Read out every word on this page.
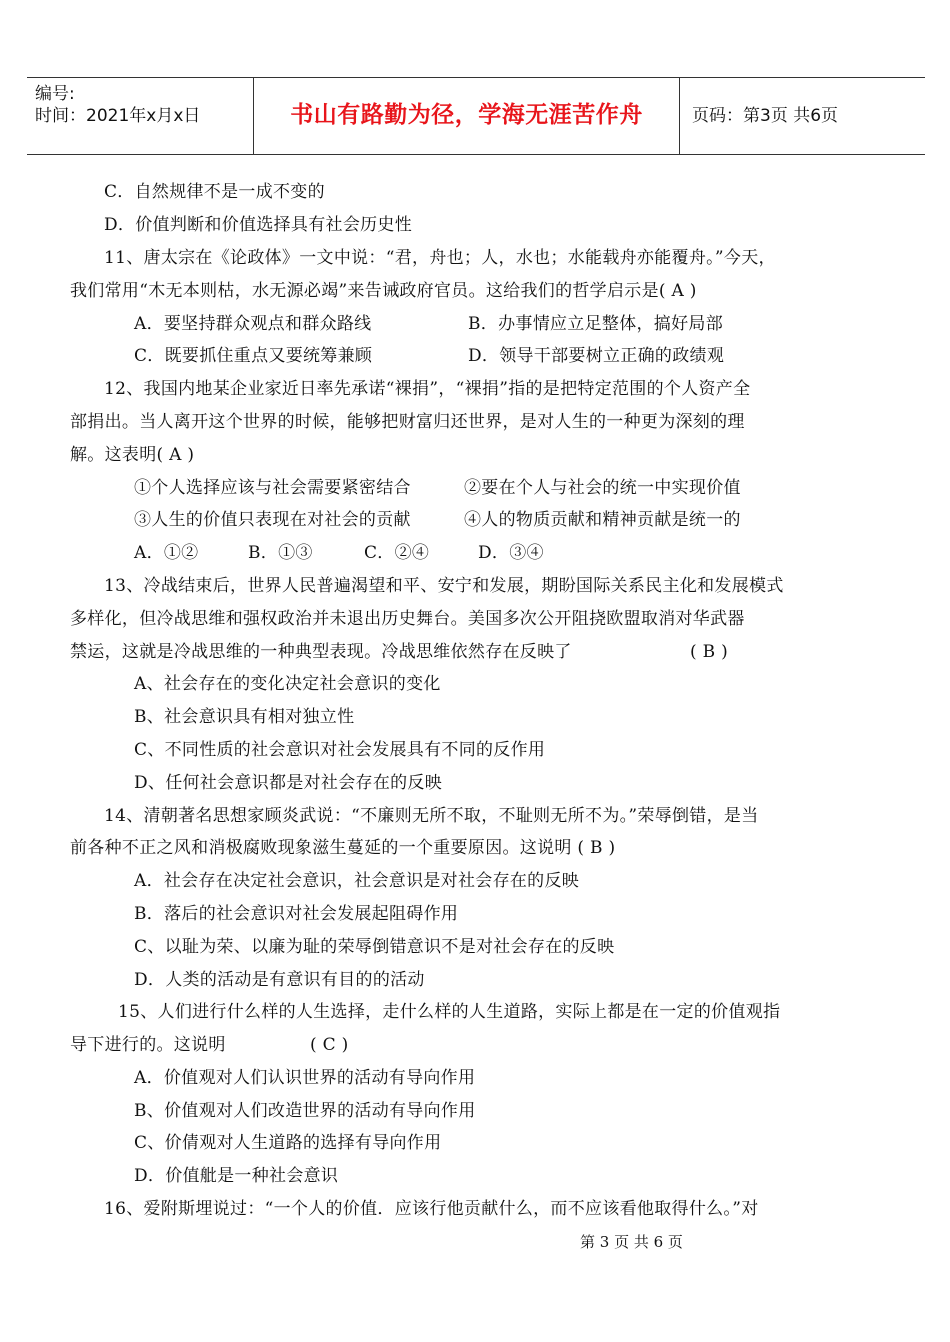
编号:
时间：2021年x月x日	书山有路勤为径，学海无涯苦作舟	页码：第3页 共6页
C．自然规律不是一成不变的
D．价值判断和价值选择具有社会历史性
11、唐太宗在《论政体》一文中说：“君，舟也；人，水也；水能载舟亦能覆舟。”今天，
我们常用“木无本则枯，水无源必竭”来告诫政府官员。这给我们的哲学启示是( A )
A．要坚持群众观点和群众路线	B．办事情应立足整体，搞好局部
C．既要抓住重点又要统筹兼顾	D．领导干部要树立正确的政绩观
12、我国内地某企业家近日率先承诺“裸捐”，“裸捐”指的是把特定范围的个人资产全
部捐出。当人离开这个世界的时候，能够把财富归还世界，是对人生的一种更为深刻的理
解。这表明( A )
①个人选择应该与社会需要紧密结合	②要在个人与社会的统一中实现价值
③人生的价值只表现在对社会的贡献	④人的物质贡献和精神贡献是统一的
A．①②	B．①③	C．②④	D．③④
13、冷战结束后，世界人民普遍渴望和平、安宁和发展，期盼国际关系民主化和发展模式
多样化，但冷战思维和强权政治并未退出历史舞台。美国多次公开阻挠欧盟取消对华武器
禁运，这就是冷战思维的一种典型表现。冷战思维依然存在反映了	( B )
A、社会存在的变化决定社会意识的变化
B、社会意识具有相对独立性
C、不同性质的社会意识对社会发展具有不同的反作用
D、任何社会意识都是对社会存在的反映
14、清朝著名思想家顾炎武说：“不廉则无所不取，不耻则无所不为。”荣辱倒错，是当
前各种不正之风和消极腐败现象滋生蔓延的一个重要原因。这说明 ( B )
A．社会存在决定社会意识，社会意识是对社会存在的反映
B．落后的社会意识对社会发展起阻碍作用
C、以耻为荣、以廉为耻的荣辱倒错意识不是对社会存在的反映
D．人类的活动是有意识有目的的活动
15、人们进行什么样的人生选择，走什么样的人生道路，实际上都是在一定的价值观指
导下进行的。这说明	( C )
A．价值观对人们认识世界的活动有导向作用
B、价值观对人们改造世界的活动有导向作用
C、价倩观对人生道路的选择有导向作用
D．价值舭是一种社会意识
16、爱附斯埋说过：“一个人的价值．应该行他贡献什么，而不应该看他取得什么。”对
第 3 页 共 6 页
